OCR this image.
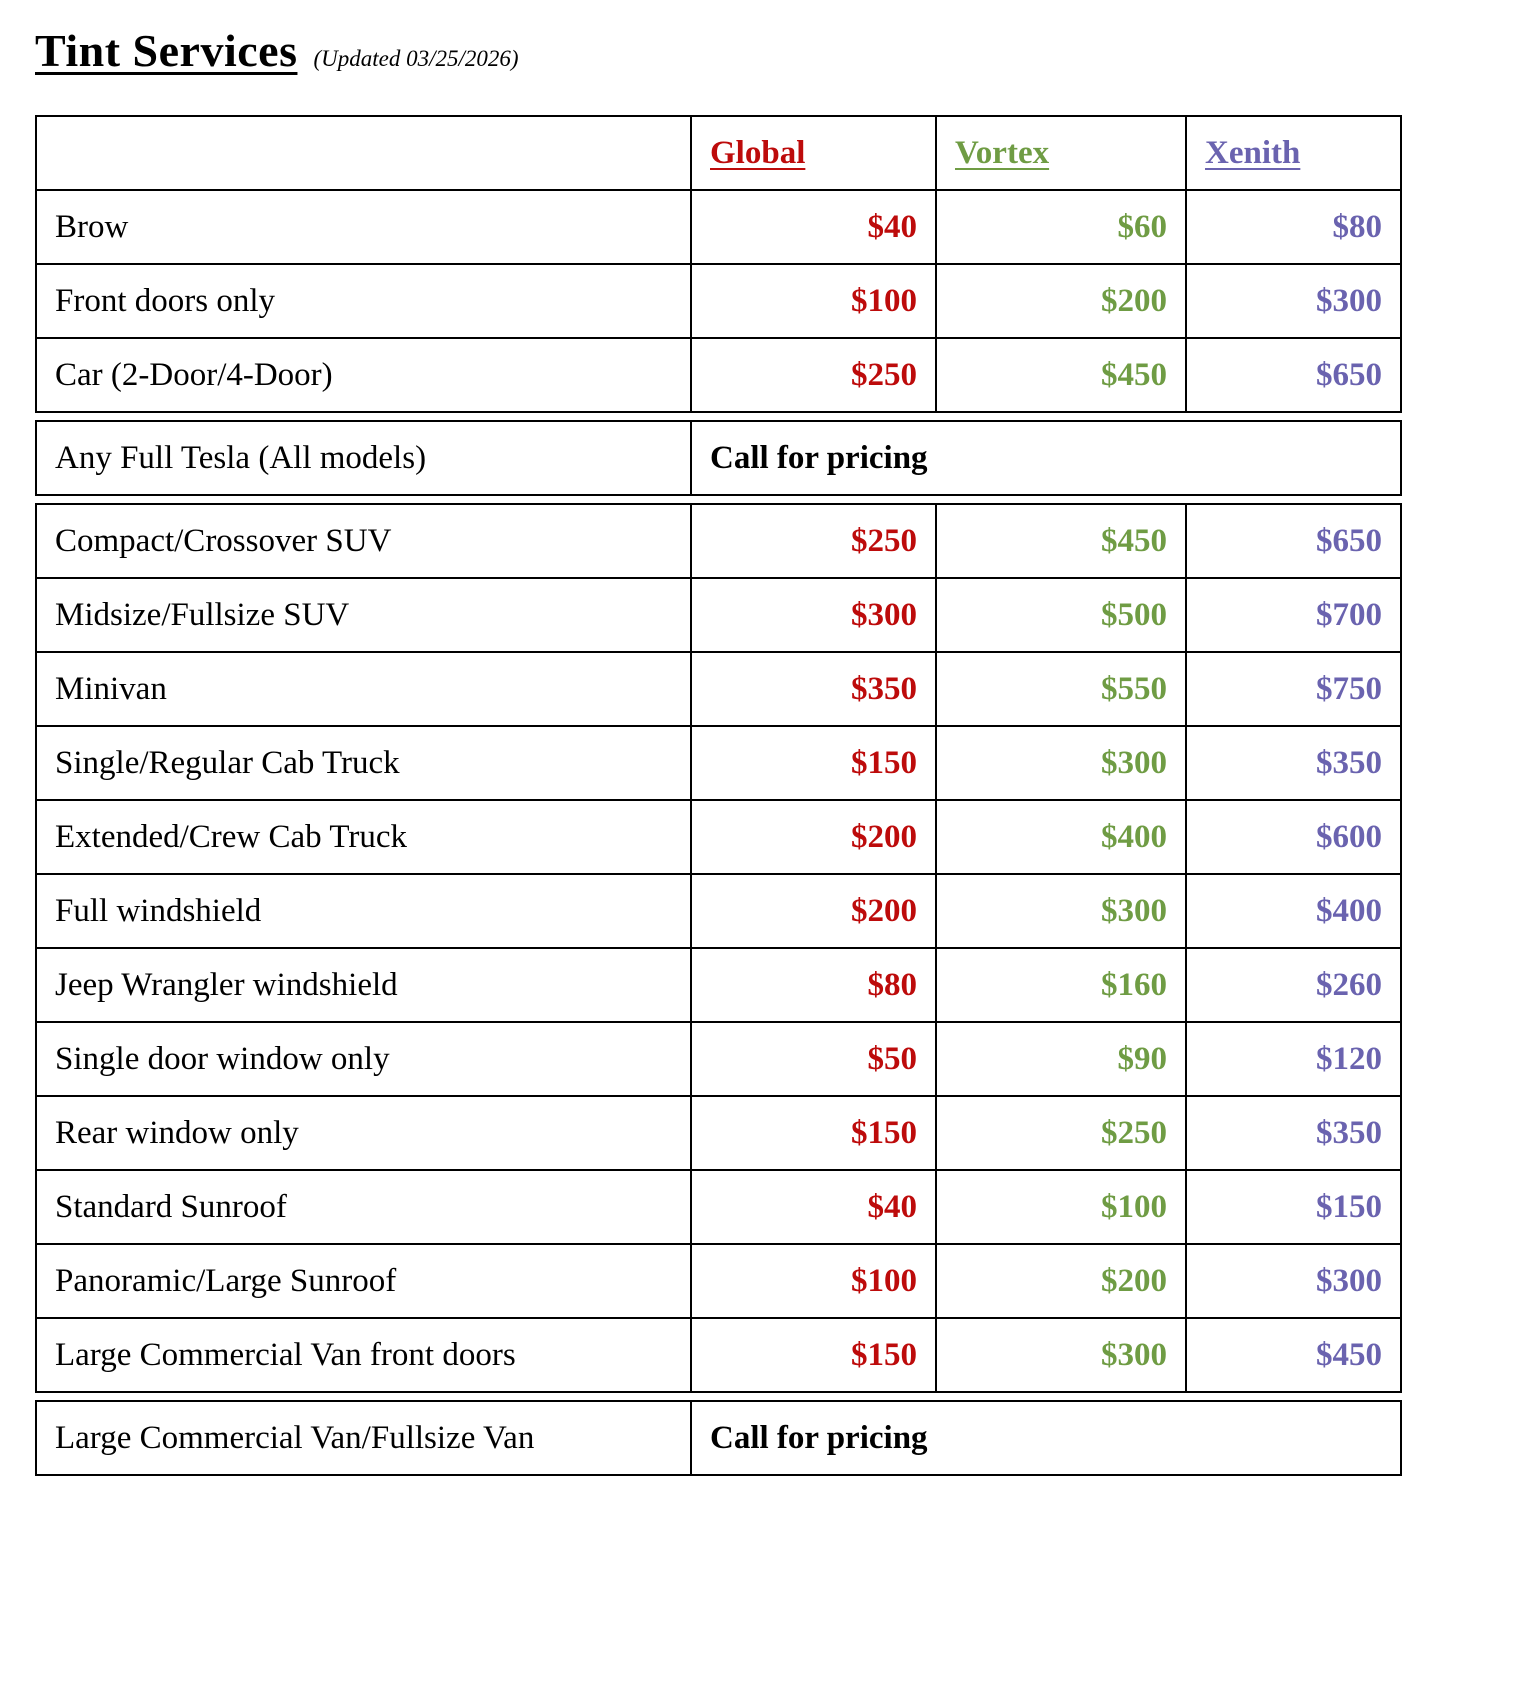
Tint Services (Updated 03/25/2026)
	Global	Vortex	Xenith
Brow	$40	$60	$80
Front doors only	$100	$200	$300
Car (2-Door/4-Door)	$250	$450	$650
Any Full Tesla (All models)	Call for pricing
Compact/Crossover SUV	$250	$450	$650
Midsize/Fullsize SUV	$300	$500	$700
Minivan	$350	$550	$750
Single/Regular Cab Truck	$150	$300	$350
Extended/Crew Cab Truck	$200	$400	$600
Full windshield	$200	$300	$400
Jeep Wrangler windshield	$80	$160	$260
Single door window only	$50	$90	$120
Rear window only	$150	$250	$350
Standard Sunroof	$40	$100	$150
Panoramic/Large Sunroof	$100	$200	$300
Large Commercial Van front doors	$150	$300	$450
Large Commercial Van/Fullsize Van	Call for pricing
